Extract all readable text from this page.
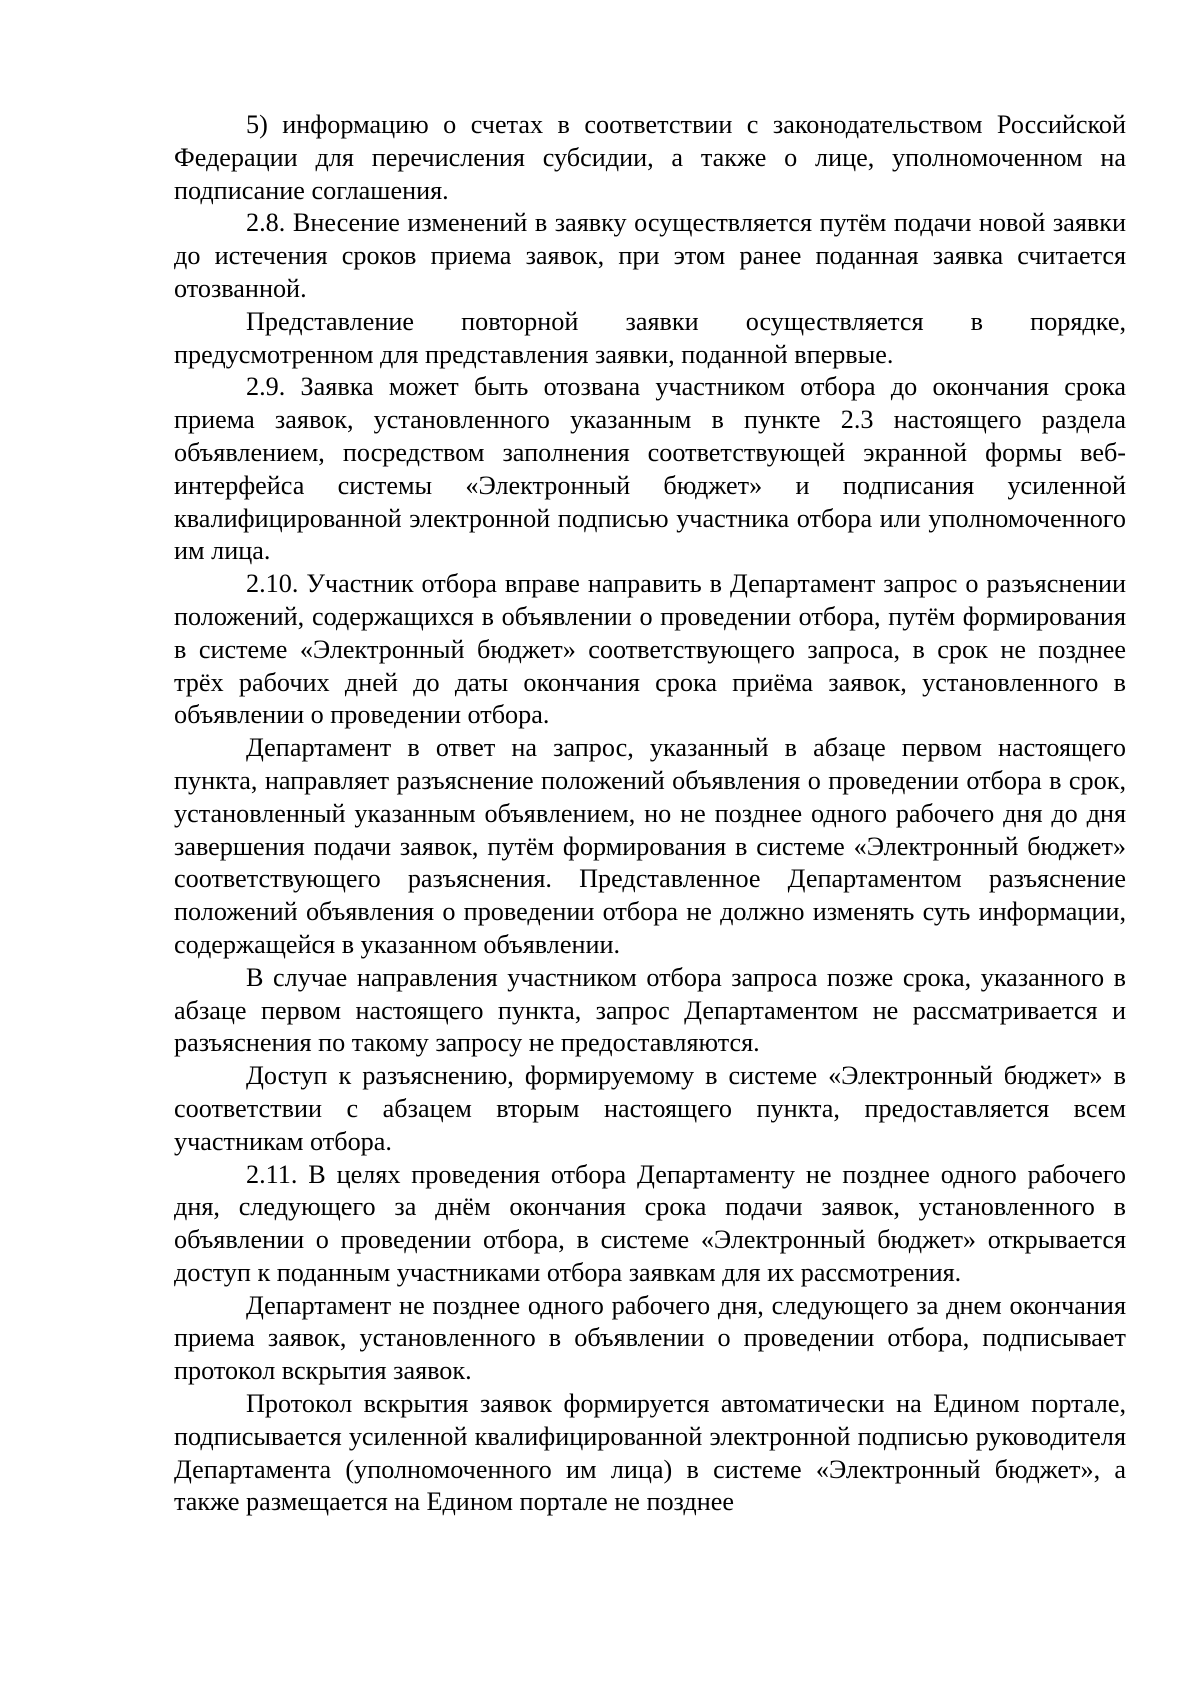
5) информацию о счетах в соответствии с законодательством Российской Федерации для перечисления субсидии, а также о лице, уполномоченном на подписание соглашения.

2.8. Внесение изменений в заявку осуществляется путём подачи новой заявки до истечения сроков приема заявок, при этом ранее поданная заявка считается отозванной.

Представление повторной заявки осуществляется в порядке, предусмотренном для представления заявки, поданной впервые.

2.9. Заявка может быть отозвана участником отбора до окончания срока приема заявок, установленного указанным в пункте 2.3 настоящего раздела объявлением, посредством заполнения соответствующей экранной формы веб-интерфейса системы «Электронный бюджет» и подписания усиленной квалифицированной электронной подписью участника отбора или уполномоченного им лица.

2.10. Участник отбора вправе направить в Департамент запрос о разъяснении положений, содержащихся в объявлении о проведении отбора, путём формирования в системе «Электронный бюджет» соответствующего запроса, в срок не позднее трёх рабочих дней до даты окончания срока приёма заявок, установленного в объявлении о проведении отбора.

Департамент в ответ на запрос, указанный в абзаце первом настоящего пункта, направляет разъяснение положений объявления о проведении отбора в срок, установленный указанным объявлением, но не позднее одного рабочего дня до дня завершения подачи заявок, путём формирования в системе «Электронный бюджет» соответствующего разъяснения. Представленное Департаментом разъяснение положений объявления о проведении отбора не должно изменять суть информации, содержащейся в указанном объявлении.

В случае направления участником отбора запроса позже срока, указанного в абзаце первом настоящего пункта, запрос Департаментом не рассматривается и разъяснения по такому запросу не предоставляются.

Доступ к разъяснению, формируемому в системе «Электронный бюджет» в соответствии с абзацем вторым настоящего пункта, предоставляется всем участникам отбора.

2.11. В целях проведения отбора Департаменту не позднее одного рабочего дня, следующего за днём окончания срока подачи заявок, установленного в объявлении о проведении отбора, в системе «Электронный бюджет» открывается доступ к поданным участниками отбора заявкам для их рассмотрения.

Департамент не позднее одного рабочего дня, следующего за днем окончания приема заявок, установленного в объявлении о проведении отбора, подписывает протокол вскрытия заявок.

Протокол вскрытия заявок формируется автоматически на Едином портале, подписывается усиленной квалифицированной электронной подписью руководителя Департамента (уполномоченного им лица) в системе «Электронный бюджет», а также размещается на Едином портале не позднее
